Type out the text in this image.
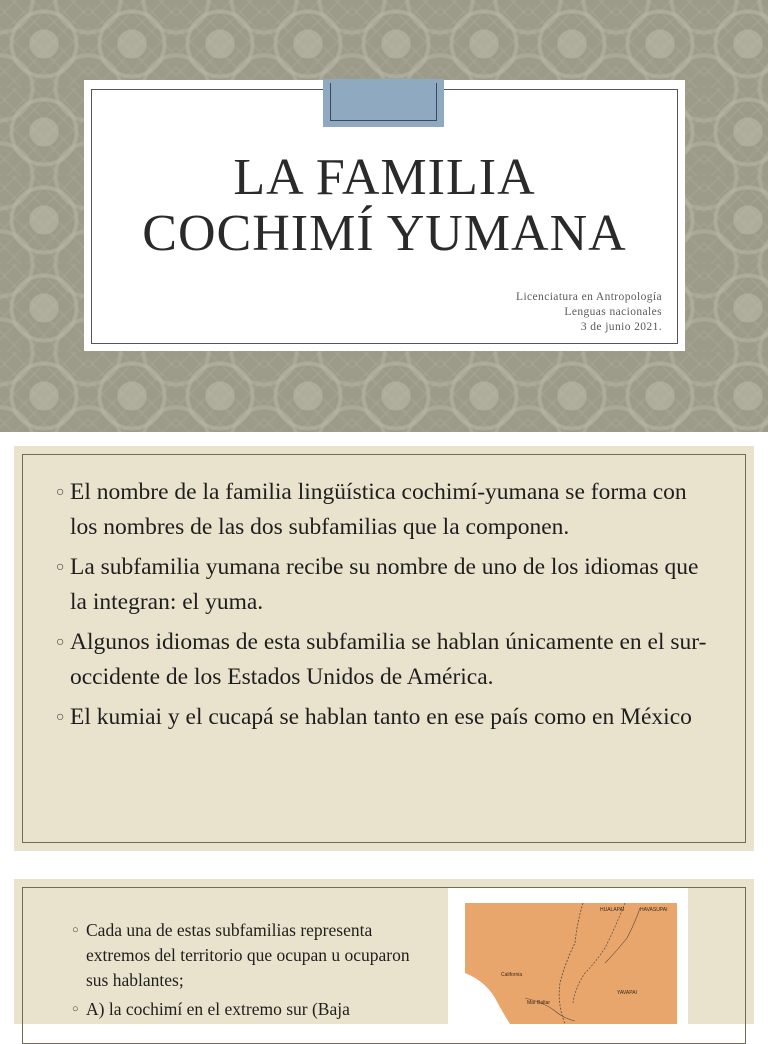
LA FAMILIA
COCHIMÍ YUMANA
Licenciatura en Antropología
Lenguas nacionales
3 de junio 2021.
○ El nombre de la familia lingüística cochimí-yumana se forma con los nombres de las dos subfamilias que la componen.
○ La subfamilia yumana recibe su nombre de uno de los idiomas que la integran: el yuma.
○ Algunos idiomas de esta subfamilia se hablan únicamente en el sur-occidente de los Estados Unidos de América.
○ El kumiai y el cucapá se hablan tanto en ese país como en México
○ Cada una de estas subfamilias representa extremos del territorio que ocupan u ocuparon sus hablantes;
○ A) la cochimí en el extremo sur (Baja
HUALAPAI	HAVASUPAI
California
YAVAPAI
Mar Baltar
